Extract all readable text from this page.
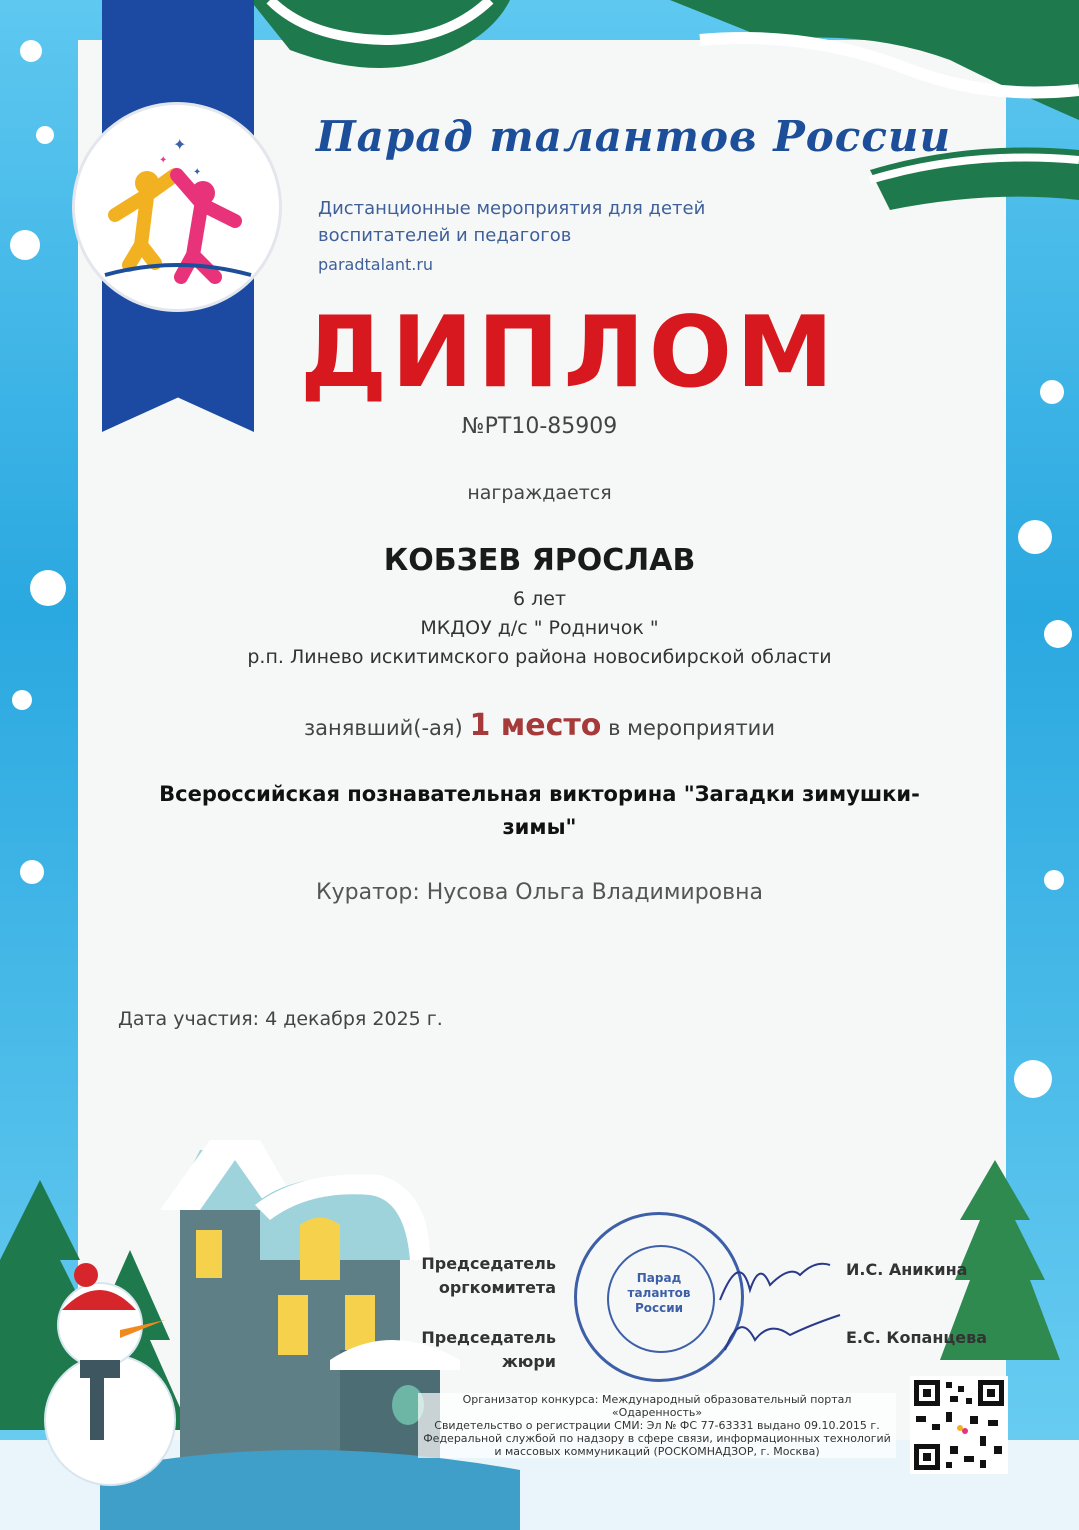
✦
✦
✦
Парад талантов России
Дистанционные мероприятия для детей
воспитателей и педагогов
paradtalant.ru
ДИПЛОМ
№РТ10-85909
награждается
КОБЗЕВ ЯРОСЛАВ
6 лет
МКДОУ д/с " Родничок "
р.п. Линево искитимского района новосибирской области
занявший(-ая) 1 место в мероприятии
Всероссийская познавательная викторина "Загадки зимушки-
зимы"
Куратор: Нусова Ольга Владимировна
Дата участия: 4 декабря 2025 г.
Председатель
оргкомитета
Председатель
жюри
Парад
талантов
России
И.С. Аникина
Е.С. Копанцева
Организатор конкурса: Международный образовательный портал «Одаренность»
Свидетельство о регистрации СМИ: Эл № ФС 77-63331 выдано 09.10.2015 г.
Федеральной службой по надзору в сфере связи, информационных технологий
и массовых коммуникаций (РОСКОМНАДЗОР, г. Москва)
